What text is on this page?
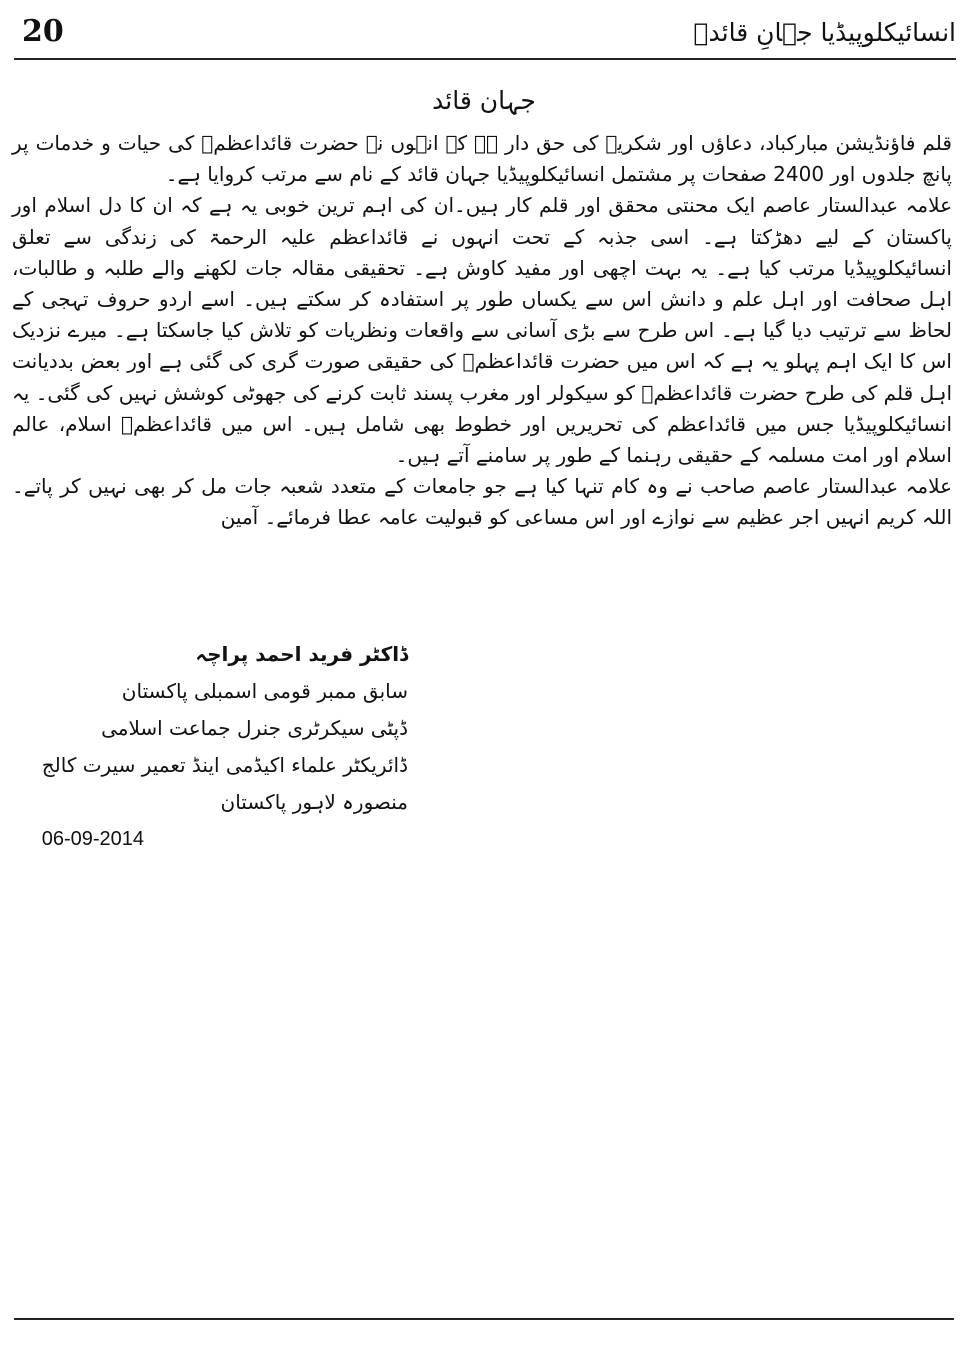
20	انسائیکلوپیڈیا جہانِ قائدؒ
جہان قائد

قلم فاؤنڈیشن مبارکباد، دعاؤں اور شکریہ کی حق دار ہے کہ انہوں نے حضرت قائداعظمؒ کی حیات و خدمات پر پانچ جلدوں اور 2400 صفحات پر مشتمل انسائیکلوپیڈیا جہان قائد کے نام سے مرتب کروایا ہے۔

علامہ عبدالستار عاصم ایک محنتی محقق اور قلم کار ہیں۔ان کی اہم ترین خوبی یہ ہے کہ ان کا دل اسلام اور پاکستان کے لیے دھڑکتا ہے۔ اسی جذبہ کے تحت انہوں نے قائداعظم علیہ الرحمۃ کی زندگی سے تعلق انسائیکلوپیڈیا مرتب کیا ہے۔ یہ بہت اچھی اور مفید کاوش ہے۔ تحقیقی مقالہ جات لکھنے والے طلبہ و طالبات، اہل صحافت اور اہل علم و دانش اس سے یکساں طور پر استفادہ کر سکتے ہیں۔ اسے اردو حروف تہجی کے لحاظ سے ترتیب دیا گیا ہے۔ اس طرح سے بڑی آسانی سے واقعات ونظریات کو تلاش کیا جاسکتا ہے۔ میرے نزدیک اس کا ایک اہم پہلو یہ ہے کہ اس میں حضرت قائداعظمؒ کی حقیقی صورت گری کی گئی ہے اور بعض بددیانت اہل قلم کی طرح حضرت قائداعظمؒ کو سیکولر اور مغرب پسند ثابت کرنے کی جھوٹی کوشش نہیں کی گئی۔ یہ انسائیکلوپیڈیا جس میں قائداعظم کی تحریریں اور خطوط بھی شامل ہیں۔ اس میں قائداعظمؒ اسلام، عالم اسلام اور امت مسلمہ کے حقیقی رہنما کے طور پر سامنے آتے ہیں۔

علامہ عبدالستار عاصم صاحب نے وہ کام تنہا کیا ہے جو جامعات کے متعدد شعبہ جات مل کر بھی نہیں کر پاتے۔ اللہ کریم انہیں اجر عظیم سے نوازے اور اس مساعی کو قبولیت عامہ عطا فرمائے۔ آمین

ڈاکٹر فرید احمد پراچہ
سابق ممبر قومی اسمبلی پاکستان
ڈپٹی سیکرٹری جنرل جماعت اسلامی
ڈائریکٹر علماء اکیڈمی اینڈ تعمیر سیرت کالج
منصورہ لاہور پاکستان
06-09-2014
